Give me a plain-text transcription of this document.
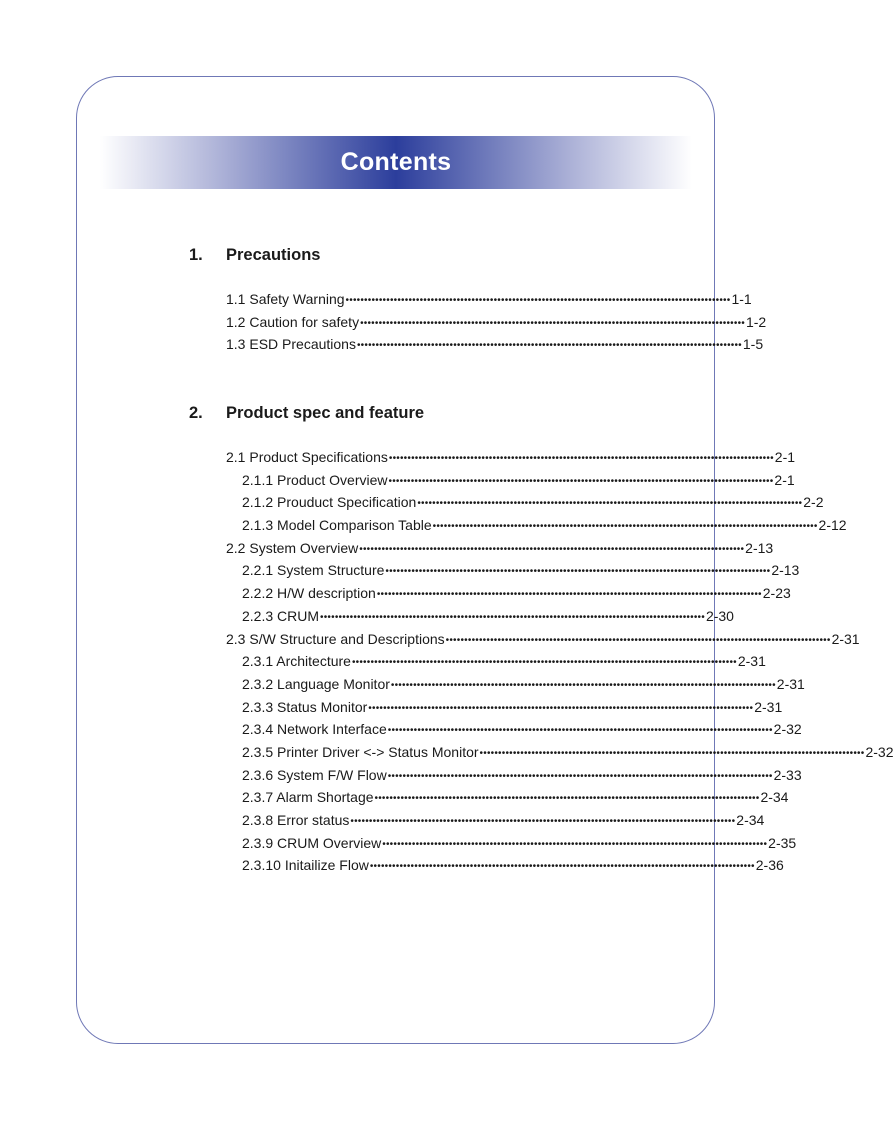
Contents
1.	Precautions
1.1 Safety Warning •••••••••••••••••••••••••••••••••••••••••••••••••••••••••••••••••••••••••••••••••••••••••••••••••••••••• 1-1
1.2 Caution for safety •••••••••••••••••••••••••••••••••••••••••••••••••••••••••••••••••••••••••••••••••••••••••••••••••••••••• 1-2
1.3 ESD Precautions •••••••••••••••••••••••••••••••••••••••••••••••••••••••••••••••••••••••••••••••••••••••••••••••••••••••• 1-5
2.	Product spec and feature
2.1 Product Specifications •••••••••••••••••••••••••••••••••••••••••••••••••••••••••••••••••••••••••••••••••••••••••••••••••••••••• 2-1
2.1.1 Product Overview •••••••••••••••••••••••••••••••••••••••••••••••••••••••••••••••••••••••••••••••••••••••••••••••••••••••• 2-1
2.1.2 Prouduct Specification •••••••••••••••••••••••••••••••••••••••••••••••••••••••••••••••••••••••••••••••••••••••••••••••••••••••• 2-2
2.1.3 Model Comparison Table •••••••••••••••••••••••••••••••••••••••••••••••••••••••••••••••••••••••••••••••••••••••••••••••••••••••• 2-12
2.2 System Overview •••••••••••••••••••••••••••••••••••••••••••••••••••••••••••••••••••••••••••••••••••••••••••••••••••••••• 2-13
2.2.1 System Structure •••••••••••••••••••••••••••••••••••••••••••••••••••••••••••••••••••••••••••••••••••••••••••••••••••••••• 2-13
2.2.2 H/W description •••••••••••••••••••••••••••••••••••••••••••••••••••••••••••••••••••••••••••••••••••••••••••••••••••••••• 2-23
2.2.3 CRUM •••••••••••••••••••••••••••••••••••••••••••••••••••••••••••••••••••••••••••••••••••••••••••••••••••••••• 2-30
2.3 S/W Structure and Descriptions •••••••••••••••••••••••••••••••••••••••••••••••••••••••••••••••••••••••••••••••••••••••••••••••••••••••• 2-31
2.3.1 Architecture •••••••••••••••••••••••••••••••••••••••••••••••••••••••••••••••••••••••••••••••••••••••••••••••••••••••• 2-31
2.3.2 Language Monitor •••••••••••••••••••••••••••••••••••••••••••••••••••••••••••••••••••••••••••••••••••••••••••••••••••••••• 2-31
2.3.3 Status Monitor •••••••••••••••••••••••••••••••••••••••••••••••••••••••••••••••••••••••••••••••••••••••••••••••••••••••• 2-31
2.3.4 Network Interface •••••••••••••••••••••••••••••••••••••••••••••••••••••••••••••••••••••••••••••••••••••••••••••••••••••••• 2-32
2.3.5 Printer Driver <-> Status Monitor •••••••••••••••••••••••••••••••••••••••••••••••••••••••••••••••••••••••••••••••••••••••••••••••••••••••• 2-32
2.3.6 System F/W Flow •••••••••••••••••••••••••••••••••••••••••••••••••••••••••••••••••••••••••••••••••••••••••••••••••••••••• 2-33
2.3.7 Alarm Shortage •••••••••••••••••••••••••••••••••••••••••••••••••••••••••••••••••••••••••••••••••••••••••••••••••••••••• 2-34
2.3.8 Error status •••••••••••••••••••••••••••••••••••••••••••••••••••••••••••••••••••••••••••••••••••••••••••••••••••••••• 2-34
2.3.9 CRUM Overview •••••••••••••••••••••••••••••••••••••••••••••••••••••••••••••••••••••••••••••••••••••••••••••••••••••••• 2-35
2.3.10 Initailize Flow •••••••••••••••••••••••••••••••••••••••••••••••••••••••••••••••••••••••••••••••••••••••••••••••••••••••• 2-36
